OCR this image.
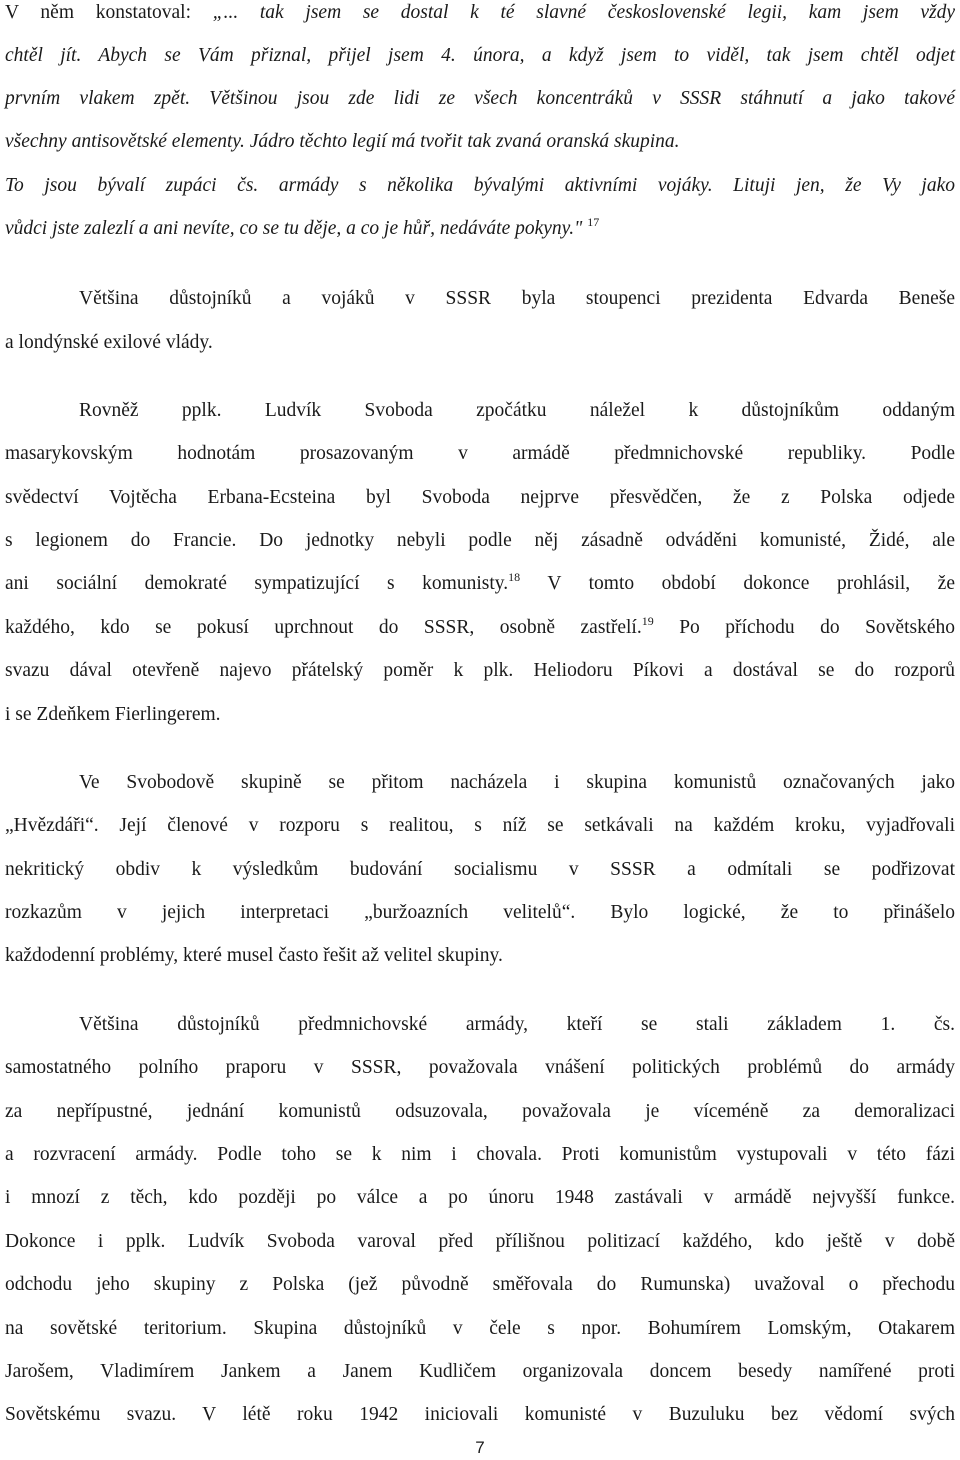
V něm konstatoval: „... tak jsem se dostal k té slavné československé legii, kam jsem vždy
chtěl jít. Abych se Vám přiznal, přijel jsem 4. února, a když jsem to viděl, tak jsem chtěl odjet
prvním vlakem zpět. Většinou jsou zde lidi ze všech koncentráků v SSSR stáhnutí a jako takové
všechny antisovětské elementy. Jádro těchto legií má tvořit tak zvaná oranská skupina.
To jsou bývalí zupáci čs. armády s několika bývalými aktivními vojáky. Lituji jen, že Vy jako
vůdci jste zalezlí a ani nevíte, co se tu děje, a co je hůř, nedáváte pokyny." $^{17}$
Většina důstojníků a vojáků v SSSR byla stoupenci prezidenta Edvarda Beneše
a londýnské exilové vlády.
Rovněž pplk. Ludvík Svoboda zpočátku náležel k důstojníkům oddaným
masarykovským hodnotám prosazovaným v armádě předmnichovské republiky. Podle
svědectví Vojtěcha Erbana-Ecsteina byl Svoboda nejprve přesvědčen, že z Polska odjede
s legionem do Francie. Do jednotky nebyli podle něj zásadně odváděni komunisté, Židé, ale
ani sociální demokraté sympatizující s komunisty.$^{18}$ V tomto období dokonce prohlásil, že
každého, kdo se pokusí uprchnout do SSSR, osobně zastřelí.$^{19}$ Po příchodu do Sovětského
svazu dával otevřeně najevo přátelský poměr k plk. Heliodoru Píkovi a dostával se do rozporů
i se Zdeňkem Fierlingerem.
Ve Svobodově skupině se přitom nacházela i skupina komunistů označovaných jako
„Hvězdáři“. Její členové v rozporu s realitou, s níž se setkávali na každém kroku, vyjadřovali
nekritický obdiv k výsledkům budování socialismu v SSSR a odmítali se podřizovat
rozkazům v jejich interpretaci „buržoazních velitelů“. Bylo logické, že to přinášelo
každodenní problémy, které musel často řešit až velitel skupiny.
Většina důstojníků předmnichovské armády, kteří se stali základem 1. čs.
samostatného polního praporu v SSSR, považovala vnášení politických problémů do armády
za nepřípustné, jednání komunistů odsuzovala, považovala je víceméně za demoralizaci
a rozvracení armády. Podle toho se k nim i chovala. Proti komunistům vystupovali v této fázi
i mnozí z těch, kdo později po válce a po únoru 1948 zastávali v armádě nejvyšší funkce.
Dokonce i pplk. Ludvík Svoboda varoval před přílišnou politizací každého, kdo ještě v době
odchodu jeho skupiny z Polska (jež původně směřovala do Rumunska) uvažoval o přechodu
na sovětské teritorium. Skupina důstojníků v čele s npor. Bohumírem Lomským, Otakarem
Jarošem, Vladimírem Jankem a Janem Kudličem organizovala doncem besedy namířené proti
Sovětskému svazu. V létě roku 1942 iniciovali komunisté v Buzuluku bez vědomí svých
7
